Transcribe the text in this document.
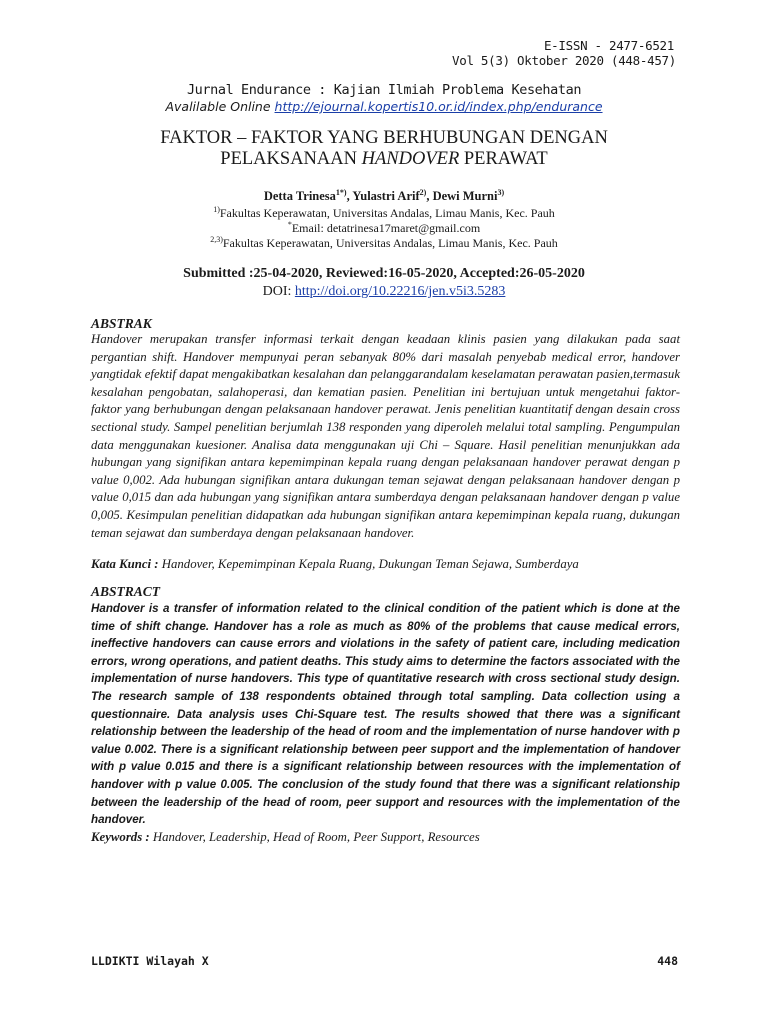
E-ISSN - 2477-6521
Vol 5(3) Oktober 2020 (448-457)
Jurnal Endurance : Kajian Ilmiah Problema Kesehatan
Avalilable Online http://ejournal.kopertis10.or.id/index.php/endurance
FAKTOR – FAKTOR YANG BERHUBUNGAN DENGAN
PELAKSANAAN HANDOVER PERAWAT
Detta Trinesa$^{1*)}$, Yulastri Arif$^{2)}$, Dewi Murni$^{3)}$
$^{1)}$Fakultas Keperawatan, Universitas Andalas, Limau Manis, Kec. Pauh
*Email: detatrinesa17maret@gmail.com
$^{2,3)}$Fakultas Keperawatan, Universitas Andalas, Limau Manis, Kec. Pauh
Submitted :25-04-2020, Reviewed:16-05-2020, Accepted:26-05-2020
DOI: http://doi.org/10.22216/jen.v5i3.5283
ABSTRAK
Handover merupakan transfer informasi terkait dengan keadaan klinis pasien yang dilakukan pada saat pergantian shift. Handover mempunyai peran sebanyak 80% dari masalah penyebab medical error, handover yangtidak efektif dapat mengakibatkan kesalahan dan pelanggarandalam keselamatan perawatan pasien,termasuk kesalahan pengobatan, salahoperasi, dan kematian pasien. Penelitian ini bertujuan untuk mengetahui faktor-faktor yang berhubungan dengan pelaksanaan handover perawat. Jenis penelitian kuantitatif dengan desain cross sectional study. Sampel penelitian berjumlah 138 responden yang diperoleh melalui total sampling. Pengumpulan data menggunakan kuesioner. Analisa data menggunakan uji Chi – Square. Hasil penelitian menunjukkan ada hubungan yang signifikan antara kepemimpinan kepala ruang dengan pelaksanaan handover perawat dengan p value 0,002. Ada hubungan signifikan antara dukungan teman sejawat dengan pelaksanaan handover dengan p value 0,015 dan ada hubungan yang signifikan antara sumberdaya dengan pelaksanaan handover dengan p value 0,005. Kesimpulan penelitian didapatkan ada hubungan signifikan antara kepemimpinan kepala ruang, dukungan teman sejawat dan sumberdaya dengan pelaksanaan handover.
Kata Kunci : Handover, Kepemimpinan Kepala Ruang, Dukungan Teman Sejawa, Sumberdaya
ABSTRACT
Handover is a transfer of information related to the clinical condition of the patient which is done at the time of shift change. Handover has a role as much as 80% of the problems that cause medical errors, ineffective handovers can cause errors and violations in the safety of patient care, including medication errors, wrong operations, and patient deaths. This study aims to determine the factors associated with the implementation of nurse handovers. This type of quantitative research with cross sectional study design. The research sample of 138 respondents obtained through total sampling. Data collection using a questionnaire. Data analysis uses Chi-Square test. The results showed that there was a significant relationship between the leadership of the head of room and the implementation of nurse handover with p value 0.002. There is a significant relationship between peer support and the implementation of handover with p value 0.015 and there is a significant relationship between resources with the implementation of handover with p value 0.005. The conclusion of the study found that there was a significant relationship between the leadership of the head of room, peer support and resources with the implementation of the handover.
Keywords : Handover, Leadership, Head of Room, Peer Support, Resources
LLDIKTI Wilayah X	448
